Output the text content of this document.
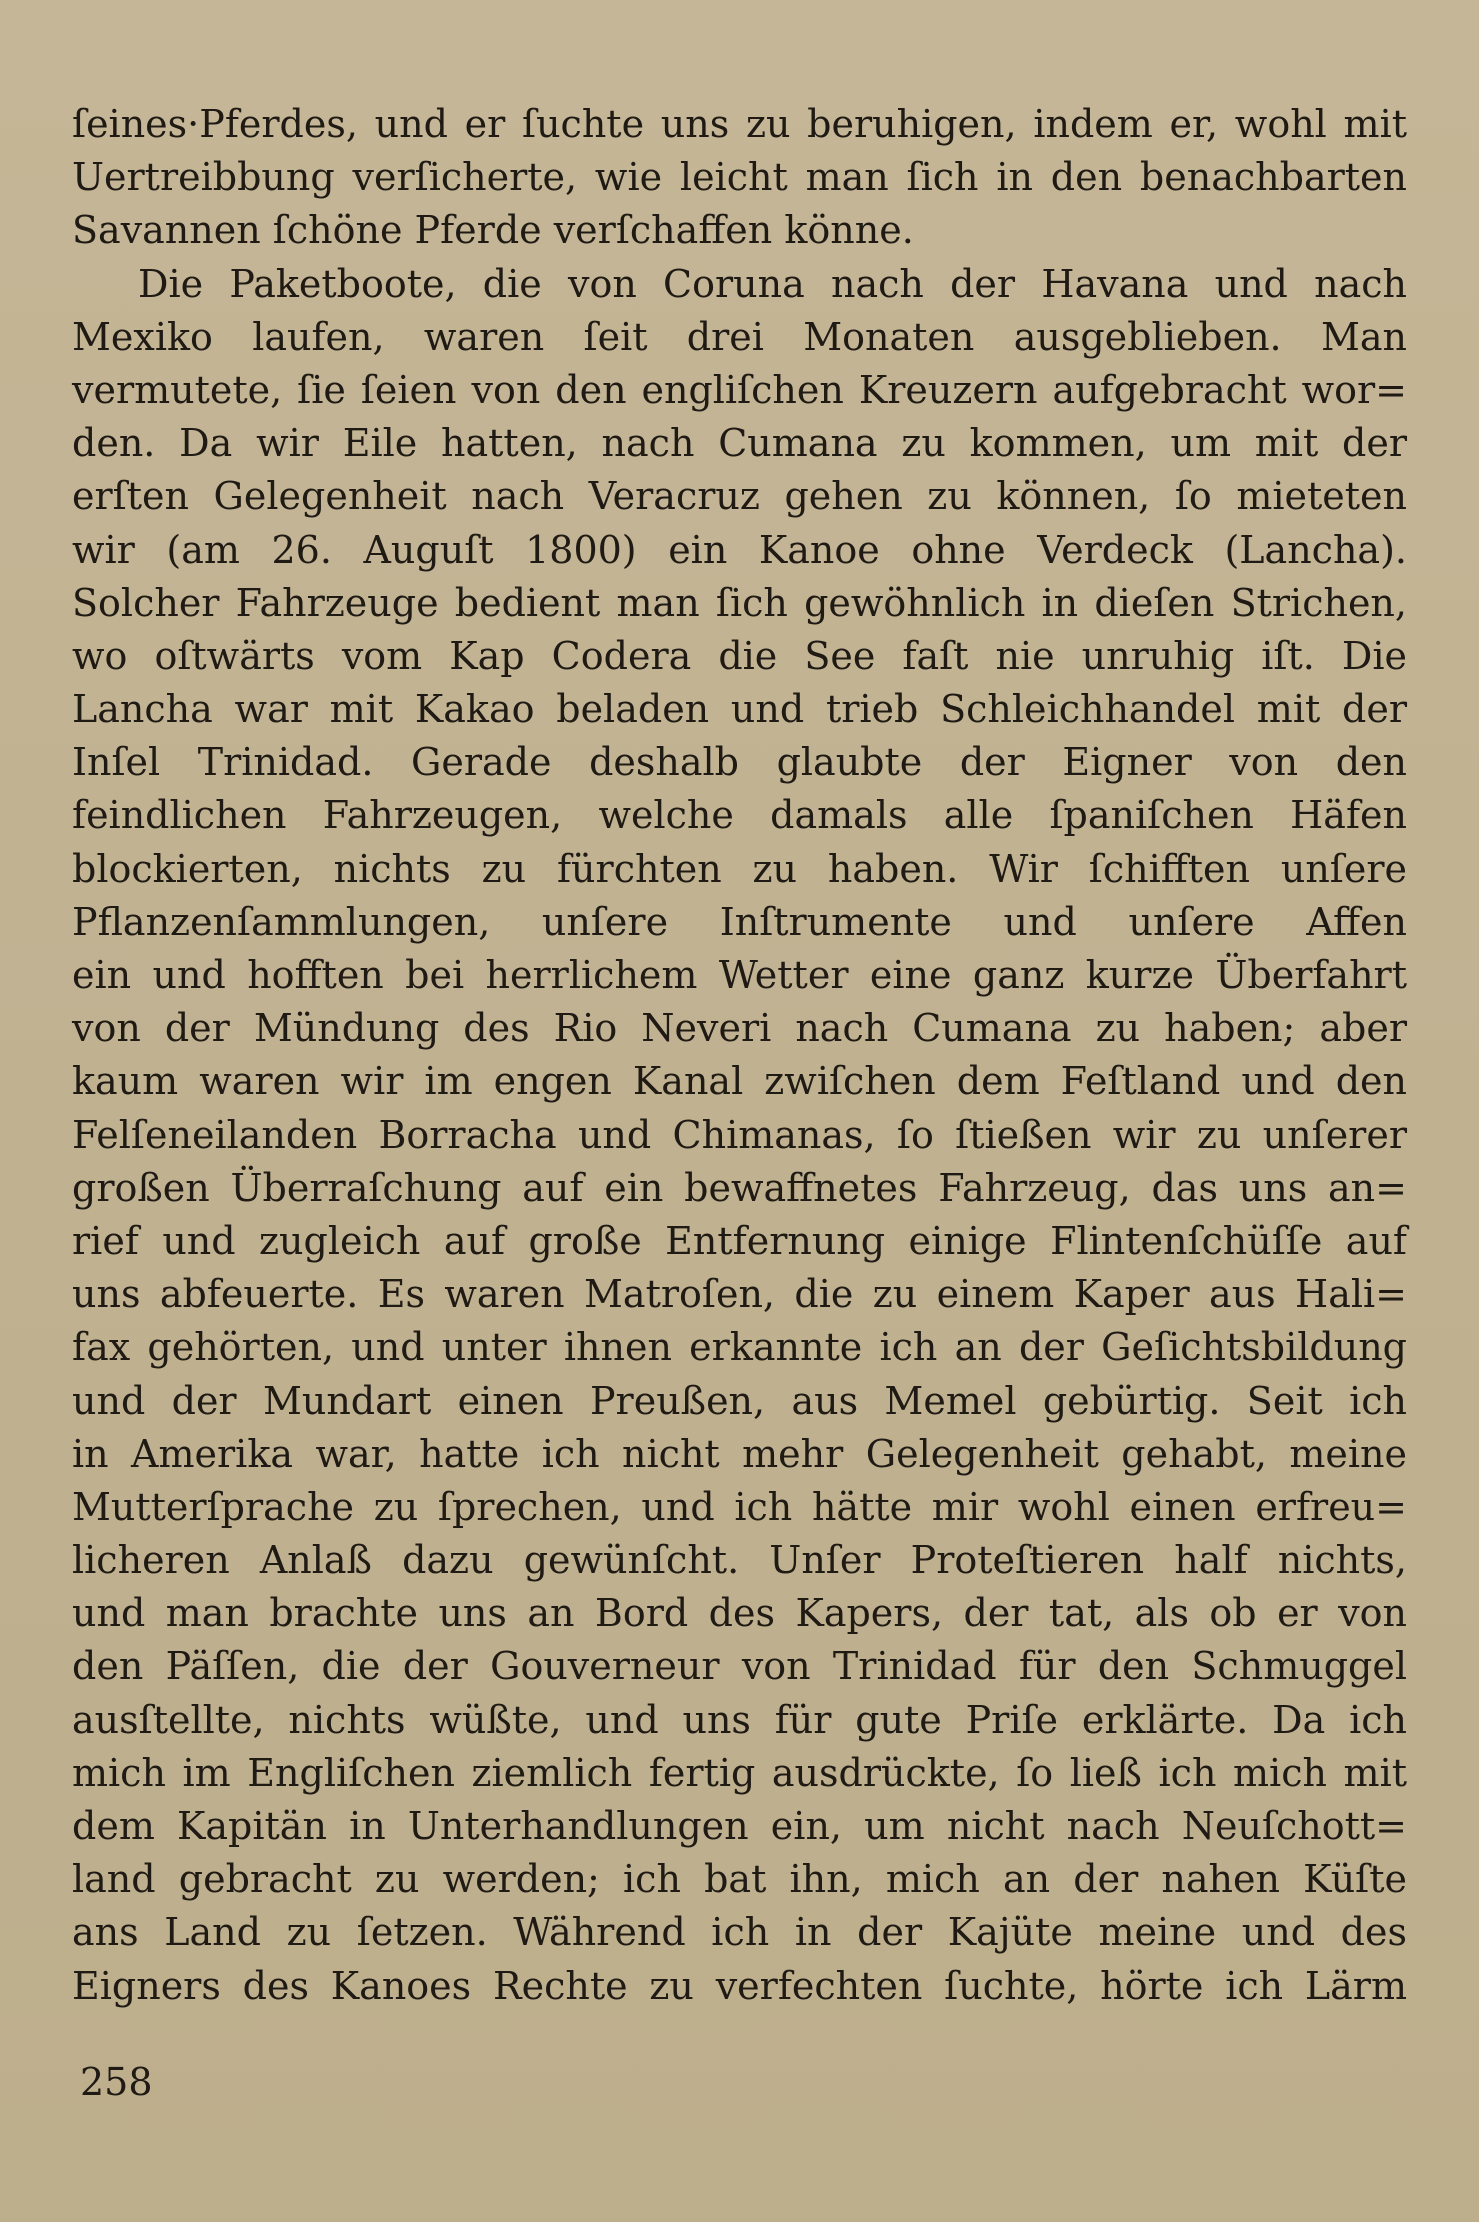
ſeines·Pferdes, und er ſuchte uns zu beruhigen, indem er, wohl mit
Uertreibbung verſicherte, wie leicht man ſich in den benachbarten
Savannen ſchöne Pferde verſchaffen könne.
Die Paketboote, die von Coruna nach der Havana und nach
Mexiko laufen, waren ſeit drei Monaten ausgeblieben. Man
vermutete, ſie ſeien von den engliſchen Kreuzern aufgebracht wor=
den. Da wir Eile hatten, nach Cumana zu kommen, um mit der
erſten Gelegenheit nach Veracruz gehen zu können, ſo mieteten
wir (am 26. Auguſt 1800) ein Kanoe ohne Verdeck (Lancha).
Solcher Fahrzeuge bedient man ſich gewöhnlich in dieſen Strichen,
wo oſtwärts vom Kap Codera die See faſt nie unruhig iſt. Die
Lancha war mit Kakao beladen und trieb Schleichhandel mit der
Inſel Trinidad. Gerade deshalb glaubte der Eigner von den
feindlichen Fahrzeugen, welche damals alle ſpaniſchen Häfen
blockierten, nichts zu fürchten zu haben. Wir ſchifften unſere
Pflanzenſammlungen, unſere Inſtrumente und unſere Affen
ein und hofften bei herrlichem Wetter eine ganz kurze Überfahrt
von der Mündung des Rio Neveri nach Cumana zu haben; aber
kaum waren wir im engen Kanal zwiſchen dem Feſtland und den
Felſeneilanden Borracha und Chimanas, ſo ſtießen wir zu unſerer
großen Überraſchung auf ein bewaffnetes Fahrzeug, das uns an=
rief und zugleich auf große Entfernung einige Flintenſchüſſe auf
uns abfeuerte. Es waren Matroſen, die zu einem Kaper aus Hali=
fax gehörten, und unter ihnen erkannte ich an der Geſichtsbildung
und der Mundart einen Preußen, aus Memel gebürtig. Seit ich
in Amerika war, hatte ich nicht mehr Gelegenheit gehabt, meine
Mutterſprache zu ſprechen, und ich hätte mir wohl einen erfreu=
licheren Anlaß dazu gewünſcht. Unſer Proteſtieren half nichts,
und man brachte uns an Bord des Kapers, der tat, als ob er von
den Päſſen, die der Gouverneur von Trinidad für den Schmuggel
ausſtellte, nichts wüßte, und uns für gute Priſe erklärte. Da ich
mich im Engliſchen ziemlich fertig ausdrückte, ſo ließ ich mich mit
dem Kapitän in Unterhandlungen ein, um nicht nach Neuſchott=
land gebracht zu werden; ich bat ihn, mich an der nahen Küſte
ans Land zu ſetzen. Während ich in der Kajüte meine und des
Eigners des Kanoes Rechte zu verfechten ſuchte, hörte ich Lärm
258
